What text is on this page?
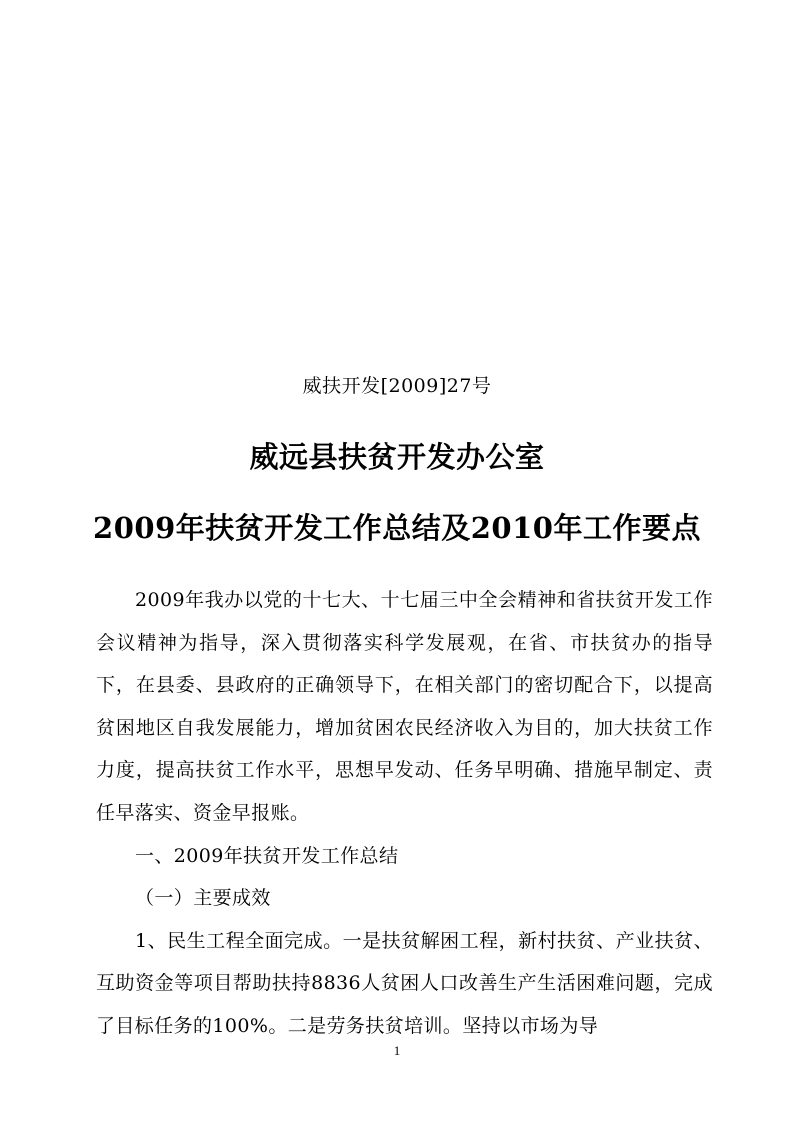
威扶开发[2009]27号
威远县扶贫开发办公室
2009年扶贫开发工作总结及2010年工作要点

2009年我办以党的十七大、十七届三中全会精神和省扶贫开发工作会议精神为指导，深入贯彻落实科学发展观，在省、市扶贫办的指导下，在县委、县政府的正确领导下，在相关部门的密切配合下，以提高贫困地区自我发展能力，增加贫困农民经济收入为目的，加大扶贫工作力度，提高扶贫工作水平，思想早发动、任务早明确、措施早制定、责任早落实、资金早报账。

一、2009年扶贫开发工作总结

（一）主要成效

1、民生工程全面完成。一是扶贫解困工程，新村扶贫、产业扶贫、互助资金等项目帮助扶持8836人贫困人口改善生产生活困难问题，完成了目标任务的100%。二是劳务扶贫培训。坚持以市场为导

1
